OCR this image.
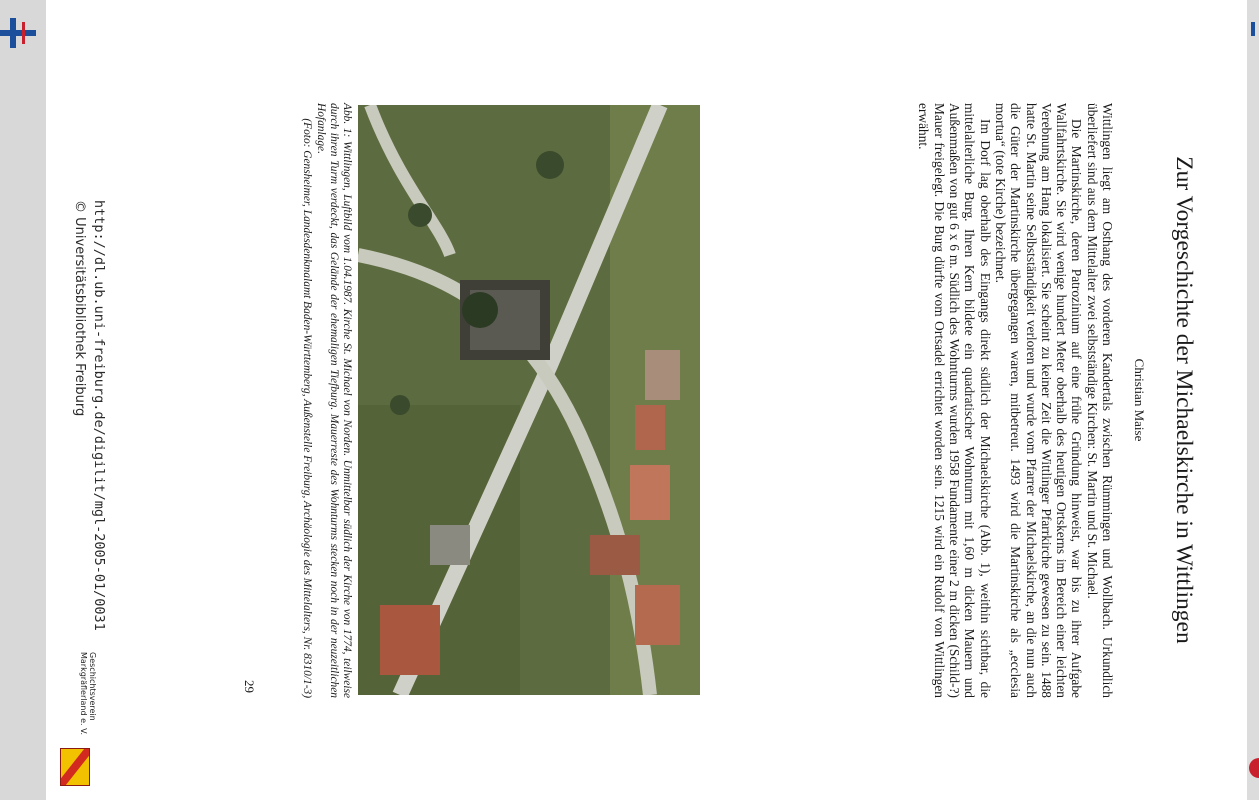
Zur Vorgeschichte der Michaelskirche in Wittlingen
Christian Maise

Wittlingen liegt am Osthang des vorderen Kandertals zwischen Rümmingen und Wollbach. Urkundlich überliefert sind aus dem Mittelalter zwei selbstständige Kirchen: St. Martin und St. Michael.

Die Martinskirche, deren Patrozinium auf eine frühe Gründung hinweist, war bis zu ihrer Aufgabe Wallfahrtskirche. Sie wird wenige hundert Meter oberhalb des heutigen Ortskerns im Bereich einer leichten Verebnung am Hang lokalisiert. Sie scheint zu keiner Zeit die Wittlinger Pfarrkirche gewesen zu sein. 1488 hatte St. Martin seine Selbstständigkeit verloren und wurde vom Pfarrer der Michaelskirche, an die nun auch die Güter der Martinskirche übergegangen waren, mitbetreut. 1493 wird die Martinskirche als „ecclesia mortua“ (tote Kirche) bezeichnet.

Im Dorf lag oberhalb des Eingangs direkt südlich der Michaelskirche (Abb. 1), weithin sichtbar, die mittelalterliche Burg. Ihren Kern bildete ein quadratischer Wohnturm mit 1,60 m dicken Mauern und Außenmaßen von gut 6 x 6 m. Südlich des Wohnturms wurden 1958 Fundamente einer 2 m dicken (Schild-?) Mauer freigelegt. Die Burg dürfte vom Ortsadel errichtet worden sein. 1215 wird ein Rudolf von Wittlingen erwähnt.

Abb. 1: Wittlingen, Luftbild vom 1.04.1987. Kirche St. Michael von Norden. Unmittelbar südlich der Kirche von 1774, teilweise durch ihren Turm verdeckt, das Gelände der ehemaligen Tiefburg. Mauerreste des Wohnturms stecken noch in der neuzeitlichen Hofanlage.
(Foto: Gensheimer, Landesdenkmalamt Baden-Württemberg, Außenstelle Freiburg, Archäologie des Mittelalters, Nr. 8310/1-3)
29
http://dl.ub.uni-freiburg.de/digilit/mgl-2005-01/0031
© Universitätsbibliothek Freiburg
Geschichtsverein
Markgräflerland e. V.
